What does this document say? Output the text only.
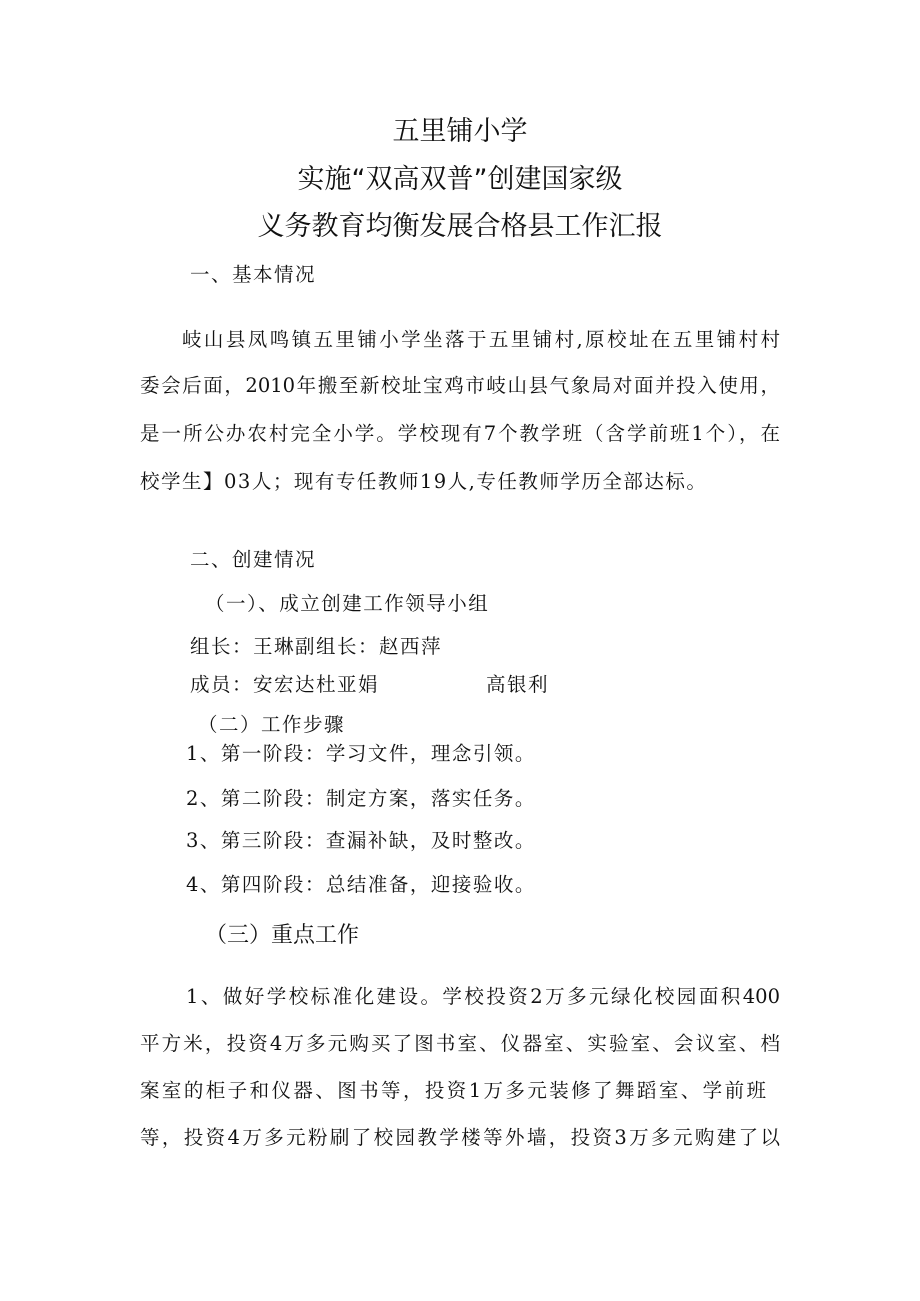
五里铺小学
实施“双高双普”创建国家级
义务教育均衡发展合格县工作汇报
一、基本情况
岐山县凤鸣镇五里铺小学坐落于五里铺村,原校址在五里铺村村
委会后面，2010年搬至新校址宝鸡市岐山县气象局对面并投入使用，
是一所公办农村完全小学。学校现有7个教学班（含学前班1个），在
校学生】03人；现有专任教师19人,专任教师学历全部达标。
二、创建情况
（一）、成立创建工作领导小组
组长：王琳副组长：赵西萍
成员：安宏达杜亚娟	高银利
（二）工作步骤
1、第一阶段：学习文件，理念引领。
2、第二阶段：制定方案，落实任务。
3、第三阶段：查漏补缺，及时整改。
4、第四阶段：总结准备，迎接验收。
（三）重点工作
1、做好学校标准化建设。学校投资2万多元绿化校园面积400
平方米，投资4万多元购买了图书室、仪器室、实验室、会议室、档
案室的柜子和仪器、图书等，投资1万多元装修了舞蹈室、学前班
等，投资4万多元粉刷了校园教学楼等外墙，投资3万多元购建了以
